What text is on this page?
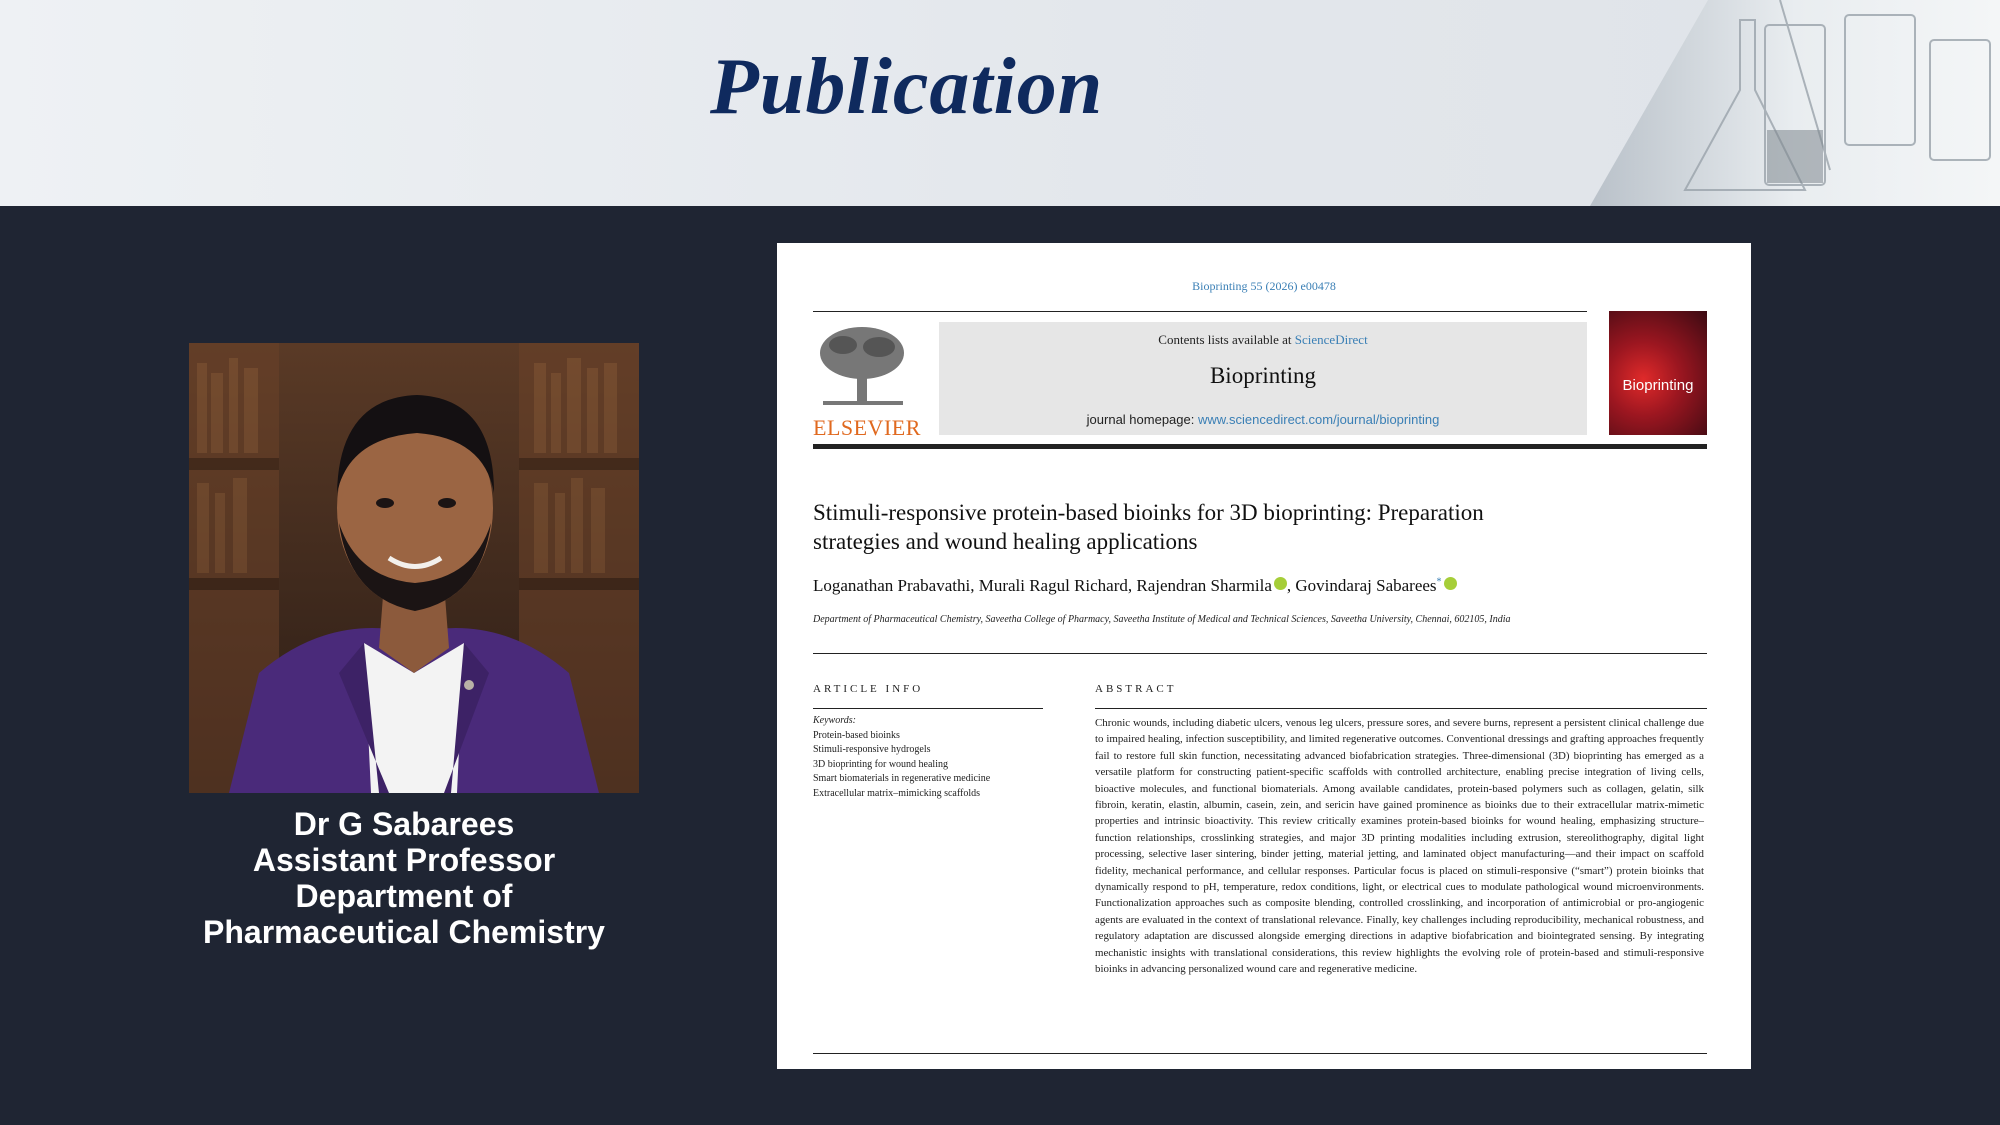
Publication
Dr G Sabarees
Assistant Professor
Department of
Pharmaceutical Chemistry
Bioprinting 55 (2026) e00478
ELSEVIER
Contents lists available at ScienceDirect
Bioprinting
journal homepage: www.sciencedirect.com/journal/bioprinting
Bioprinting
Stimuli-responsive protein-based bioinks for 3D bioprinting: Preparation strategies and wound healing applications
Loganathan Prabavathi, Murali Ragul Richard, Rajendran Sharmila , Govindaraj Sabarees*
Department of Pharmaceutical Chemistry, Saveetha College of Pharmacy, Saveetha Institute of Medical and Technical Sciences, Saveetha University, Chennai, 602105, India
ARTICLE INFO
Keywords:
Protein-based bioinks
Stimuli-responsive hydrogels
3D bioprinting for wound healing
Smart biomaterials in regenerative medicine
Extracellular matrix–mimicking scaffolds
ABSTRACT
Chronic wounds, including diabetic ulcers, venous leg ulcers, pressure sores, and severe burns, represent a persistent clinical challenge due to impaired healing, infection susceptibility, and limited regenerative outcomes. Conventional dressings and grafting approaches frequently fail to restore full skin function, necessitating advanced biofabrication strategies. Three-dimensional (3D) bioprinting has emerged as a versatile platform for constructing patient-specific scaffolds with controlled architecture, enabling precise integration of living cells, bioactive molecules, and functional biomaterials. Among available candidates, protein-based polymers such as collagen, gelatin, silk fibroin, keratin, elastin, albumin, casein, zein, and sericin have gained prominence as bioinks due to their extracellular matrix-mimetic properties and intrinsic bioactivity. This review critically examines protein-based bioinks for wound healing, emphasizing structure–function relationships, crosslinking strategies, and major 3D printing modalities including extrusion, stereolithography, digital light processing, selective laser sintering, binder jetting, material jetting, and laminated object manufacturing—and their impact on scaffold fidelity, mechanical performance, and cellular responses. Particular focus is placed on stimuli-responsive (“smart”) protein bioinks that dynamically respond to pH, temperature, redox conditions, light, or electrical cues to modulate pathological wound microenvironments. Functionalization approaches such as composite blending, controlled crosslinking, and incorporation of antimicrobial or pro-angiogenic agents are evaluated in the context of translational relevance. Finally, key challenges including reproducibility, mechanical robustness, and regulatory adaptation are discussed alongside emerging directions in adaptive biofabrication and biointegrated sensing. By integrating mechanistic insights with translational considerations, this review highlights the evolving role of protein-based and stimuli-responsive bioinks in advancing personalized wound care and regenerative medicine.
